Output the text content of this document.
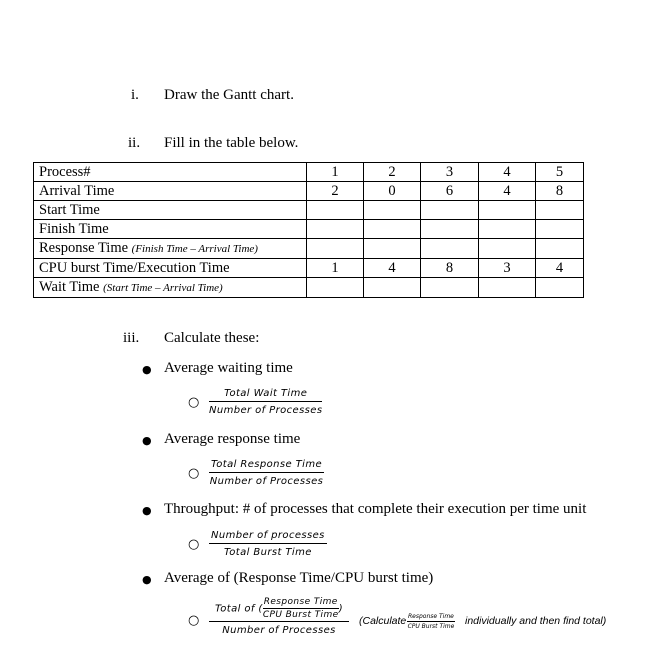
i. Draw the Gantt chart.
ii. Fill in the table below.
Process#	1	2	3	4	5
Arrival Time	2	0	6	4	8
Start Time					
Finish Time					
Response Time (Finish Time – Arrival Time)					
CPU burst Time/Execution Time	1	4	8	3	4
Wait Time (Start Time – Arrival Time)					
iii. Calculate these:
● Average waiting time
○
Total Wait Time
Number of Processes
● Average response time
○
Total Response Time
Number of Processes
● Throughput: # of processes that complete their execution per time unit
○
Number of processes
Total Burst Time
● Average of (Response Time/CPU burst time)
○
Total of ( $\frac{\text{Response Time}}{\text{CPU Burst Time}}$ )
Number of Processes
(Calculate Response Time
CPU Burst Time individually and then find total)
